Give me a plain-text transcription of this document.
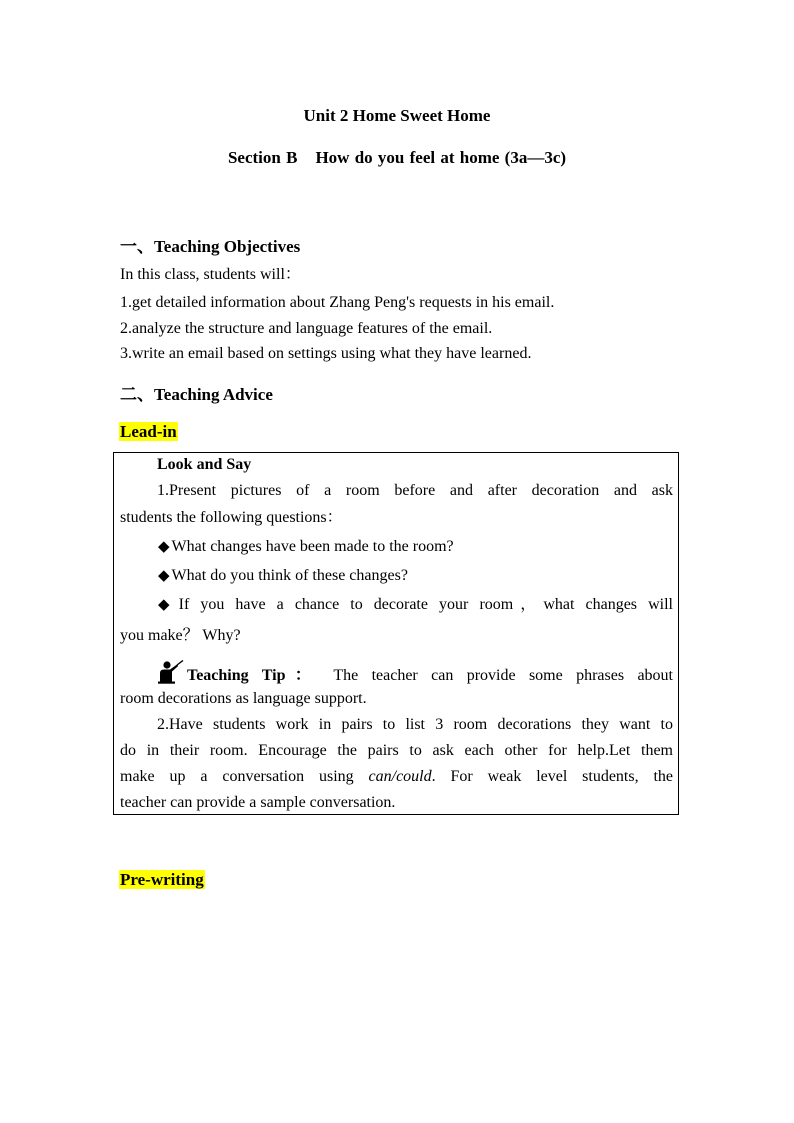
Unit 2 Home Sweet Home
Section B How do you feel at home (3a—3c)
一、Teaching Objectives
In this class, students will：
1.get detailed information about Zhang Peng's requests in his email.
2.analyze the structure and language features of the email.
3.write an email based on settings using what they have learned.
二、Teaching Advice
Lead-in
Look and Say
1.Present pictures of a room before and after decoration and ask
students the following questions：
◆ What changes have been made to the room?
◆ What do you think of these changes?
◆ If you have a chance to decorate your room，what changes will
you make？ Why?
Teaching Tip： The teacher can provide some phrases about
room decorations as language support.
2.Have students work in pairs to list 3 room decorations they want to
do in their room. Encourage the pairs to ask each other for help.Let them
make up a conversation using can/could. For weak level students, the
teacher can provide a sample conversation.
Pre-writing
